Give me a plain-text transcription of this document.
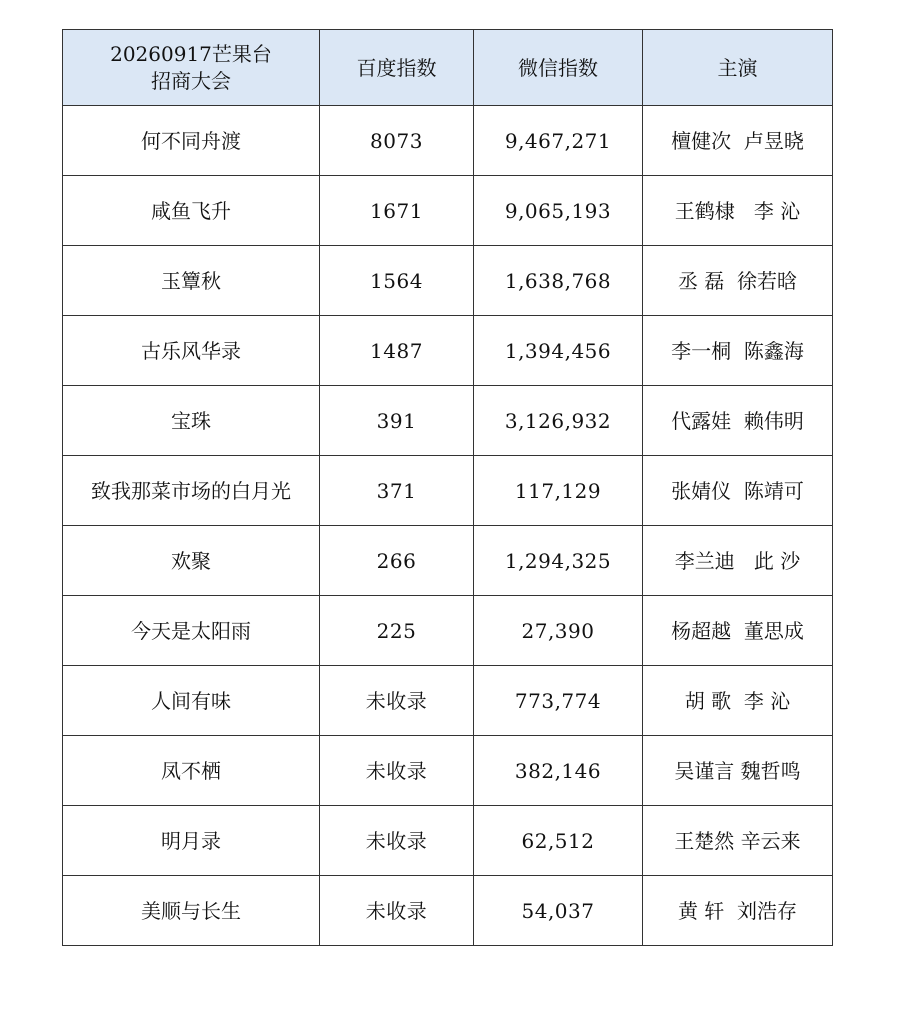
20260917芒果台
招商大会	百度指数	微信指数	主演
何不同舟渡	8073	9,467,271	檀健次  卢昱晓
咸鱼飞升	1671	9,065,193	王鹤棣   李 沁
玉簟秋	1564	1,638,768	丞 磊  徐若晗
古乐风华录	1487	1,394,456	李一桐  陈鑫海
宝珠	391	3,126,932	代露娃  赖伟明
致我那菜市场的白月光	371	117,129	张婧仪  陈靖可
欢聚	266	1,294,325	李兰迪   此 沙
今天是太阳雨	225	27,390	杨超越  董思成
人间有味	未收录	773,774	胡 歌  李 沁
凤不栖	未收录	382,146	吴谨言 魏哲鸣
明月录	未收录	62,512	王楚然 辛云来
美顺与长生	未收录	54,037	黄 轩  刘浩存
